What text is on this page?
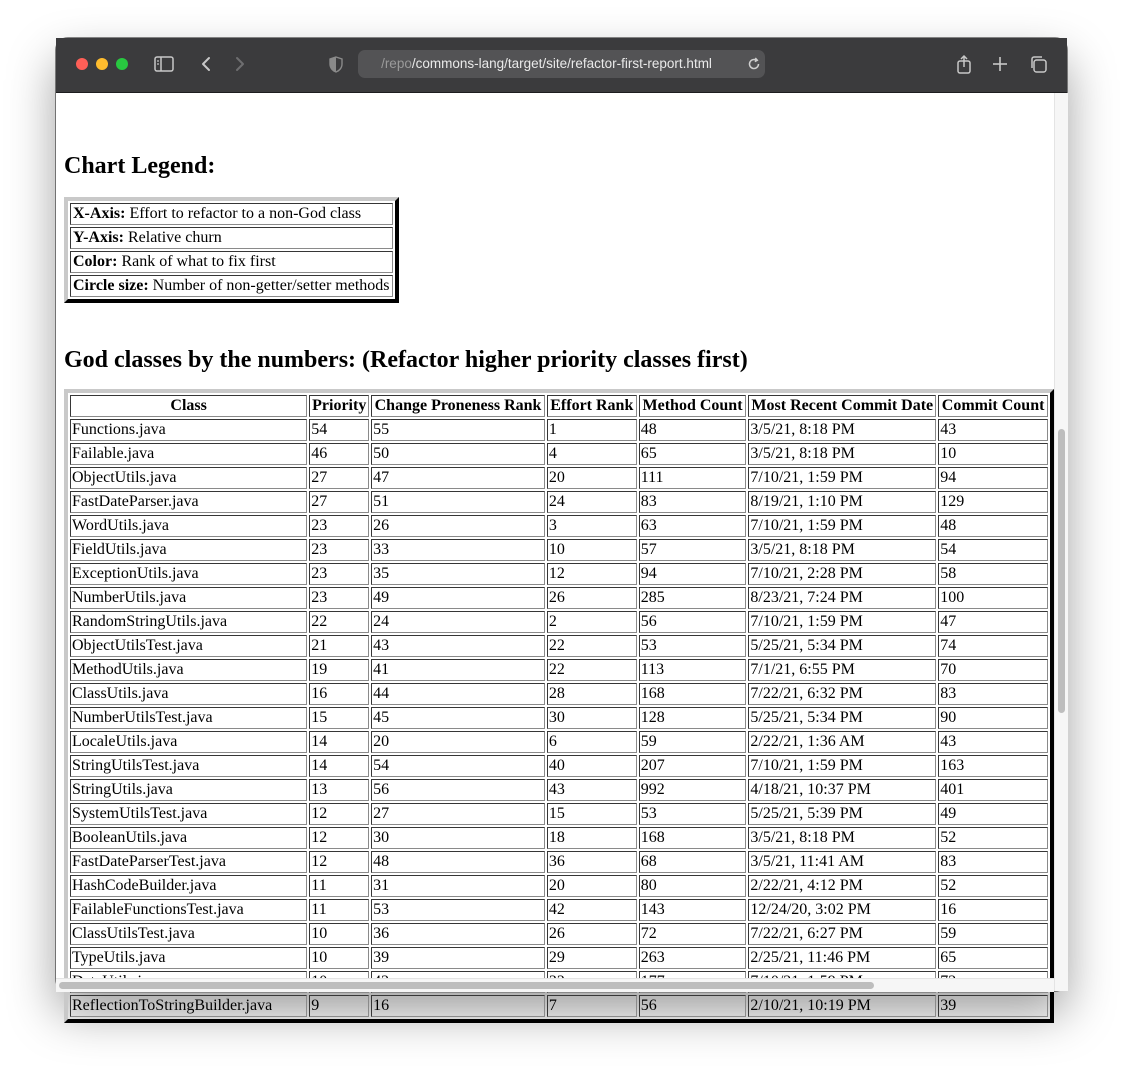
/repo/commons-lang/target/site/refactor-first-report.html
Chart Legend:
X-Axis: Effort to refactor to a non-God class
Y-Axis: Relative churn
Color: Rank of what to fix first
Circle size: Number of non-getter/setter methods
God classes by the numbers: (Refactor higher priority classes first)
Class	Priority	Change Proneness Rank	Effort Rank	Method Count	Most Recent Commit Date	Commit Count
Functions.java	54	55	1	48	3/5/21, 8:18 PM	43
Failable.java	46	50	4	65	3/5/21, 8:18 PM	10
ObjectUtils.java	27	47	20	111	7/10/21, 1:59 PM	94
FastDateParser.java	27	51	24	83	8/19/21, 1:10 PM	129
WordUtils.java	23	26	3	63	7/10/21, 1:59 PM	48
FieldUtils.java	23	33	10	57	3/5/21, 8:18 PM	54
ExceptionUtils.java	23	35	12	94	7/10/21, 2:28 PM	58
NumberUtils.java	23	49	26	285	8/23/21, 7:24 PM	100
RandomStringUtils.java	22	24	2	56	7/10/21, 1:59 PM	47
ObjectUtilsTest.java	21	43	22	53	5/25/21, 5:34 PM	74
MethodUtils.java	19	41	22	113	7/1/21, 6:55 PM	70
ClassUtils.java	16	44	28	168	7/22/21, 6:32 PM	83
NumberUtilsTest.java	15	45	30	128	5/25/21, 5:34 PM	90
LocaleUtils.java	14	20	6	59	2/22/21, 1:36 AM	43
StringUtilsTest.java	14	54	40	207	7/10/21, 1:59 PM	163
StringUtils.java	13	56	43	992	4/18/21, 10:37 PM	401
SystemUtilsTest.java	12	27	15	53	5/25/21, 5:39 PM	49
BooleanUtils.java	12	30	18	168	3/5/21, 8:18 PM	52
FastDateParserTest.java	12	48	36	68	3/5/21, 11:41 AM	83
HashCodeBuilder.java	11	31	20	80	2/22/21, 4:12 PM	52
FailableFunctionsTest.java	11	53	42	143	12/24/20, 3:02 PM	16
ClassUtilsTest.java	10	36	26	72	7/22/21, 6:27 PM	59
TypeUtils.java	10	39	29	263	2/25/21, 11:46 PM	65

ReflectionToStringBuilder.java	9	16	7	56	2/10/21, 10:19 PM	39
